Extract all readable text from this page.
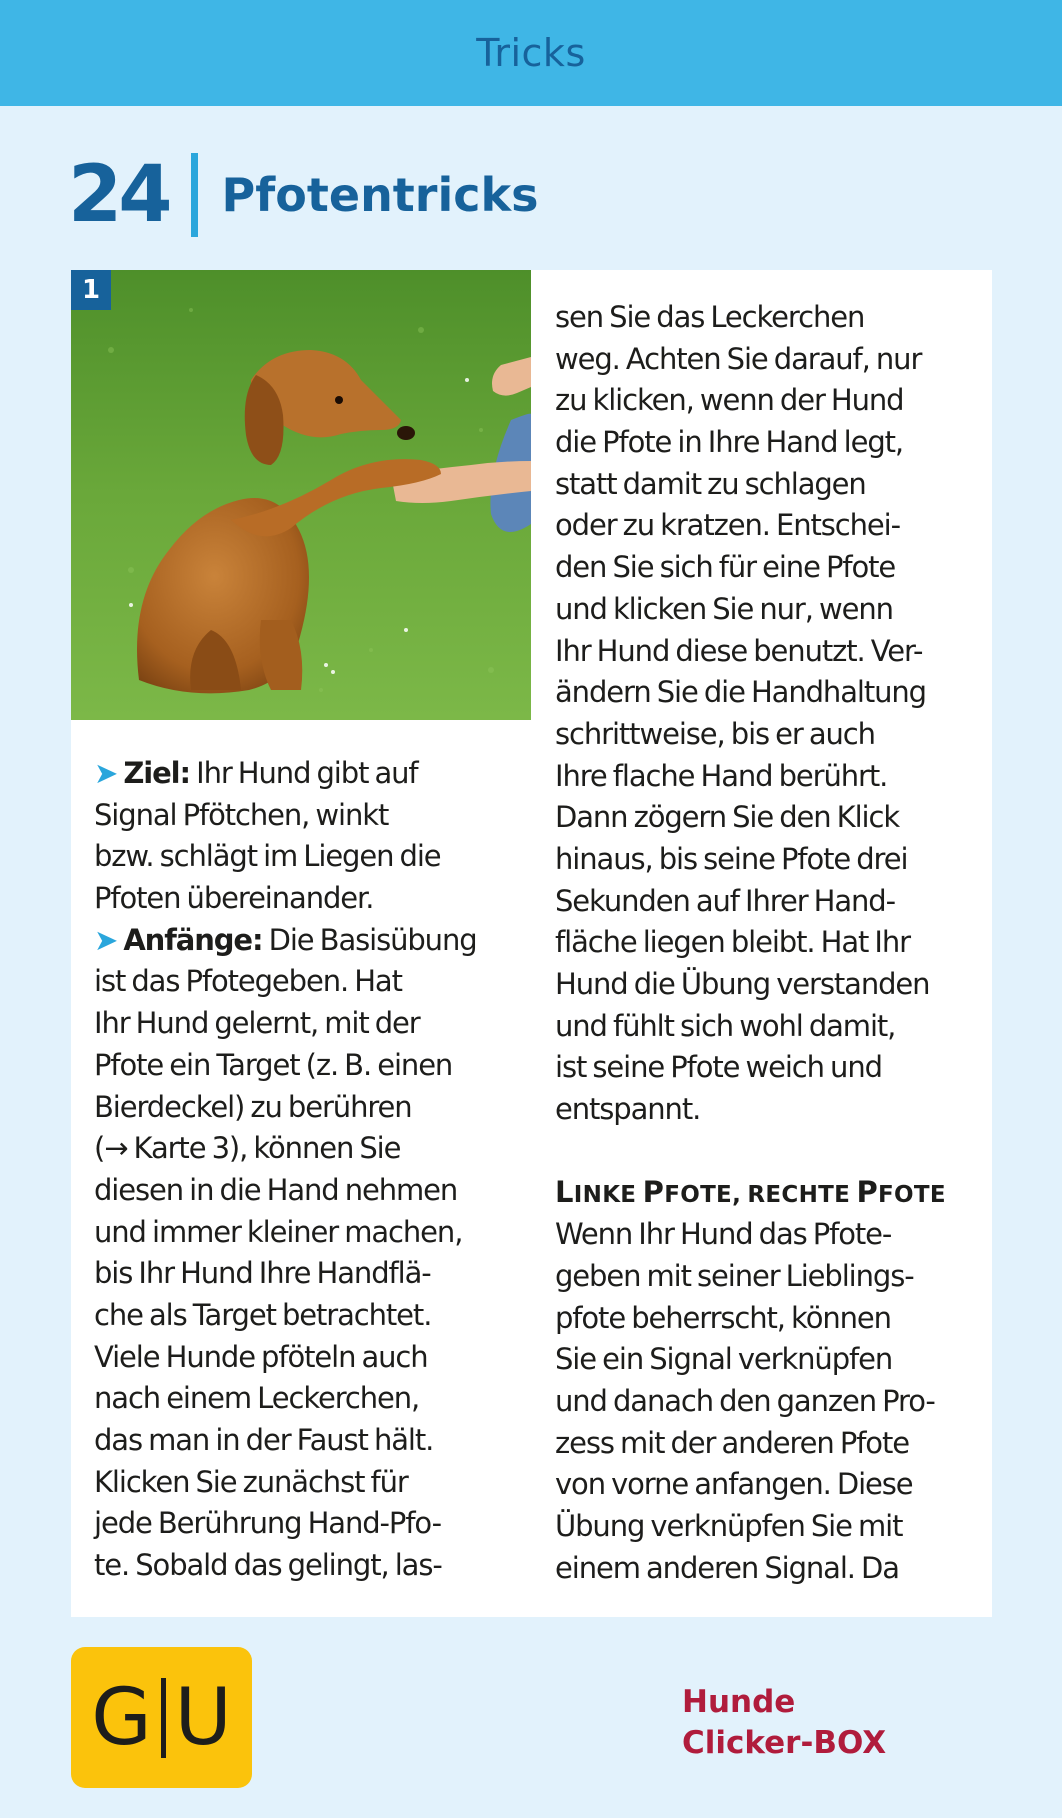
Tricks
24 Pfotentricks
1
➤ Ziel: Ihr Hund gibt auf
Signal Pfötchen, winkt
bzw. schlägt im Liegen die
Pfoten übereinander.
➤ Anfänge: Die Basisübung
ist das Pfotegeben. Hat
Ihr Hund gelernt, mit der
Pfote ein Target (z. B. einen
Bierdeckel) zu berühren
(→ Karte 3), können Sie
diesen in die Hand nehmen
und immer kleiner machen,
bis Ihr Hund Ihre Handflä-
che als Target betrachtet.
Viele Hunde pföteln auch
nach einem Leckerchen,
das man in der Faust hält.
Klicken Sie zunächst für
jede Berührung Hand-Pfo-
te. Sobald das gelingt, las-
sen Sie das Leckerchen
weg. Achten Sie darauf, nur
zu klicken, wenn der Hund
die Pfote in Ihre Hand legt,
statt damit zu schlagen
oder zu kratzen. Entschei-
den Sie sich für eine Pfote
und klicken Sie nur, wenn
Ihr Hund diese benutzt. Ver-
ändern Sie die Handhaltung
schrittweise, bis er auch
Ihre flache Hand berührt.
Dann zögern Sie den Klick
hinaus, bis seine Pfote drei
Sekunden auf Ihrer Hand-
fläche liegen bleibt. Hat Ihr
Hund die Übung verstanden
und fühlt sich wohl damit,
ist seine Pfote weich und
entspannt.
LINKE PFOTE, RECHTE PFOTE
Wenn Ihr Hund das Pfote-
geben mit seiner Lieblings-
pfote beherrscht, können
Sie ein Signal verknüpfen
und danach den ganzen Pro-
zess mit der anderen Pfote
von vorne anfangen. Diese
Übung verknüpfen Sie mit
einem anderen Signal. Da
G U	Hunde
Clicker-BOX
